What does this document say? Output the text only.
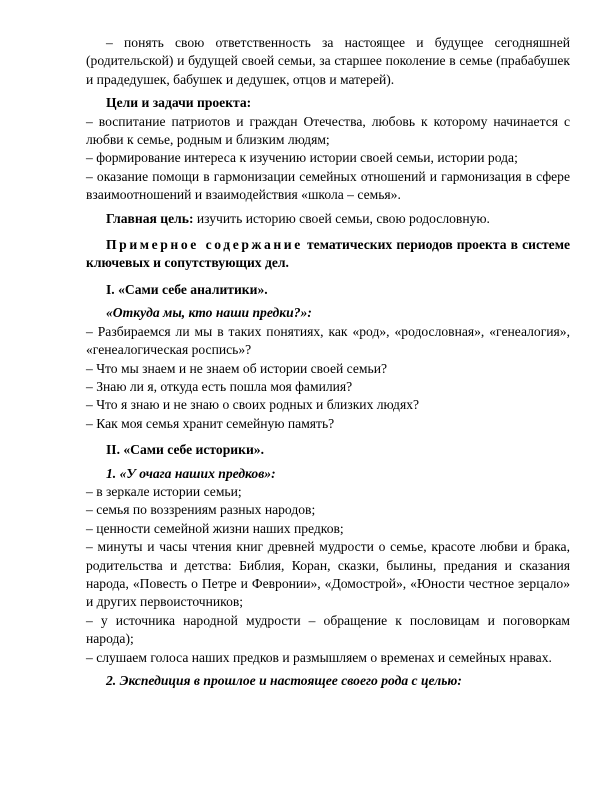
– понять свою ответственность за настоящее и будущее сегодняшней (родительской) и будущей своей семьи, за старшее поколение в семье (прабабушек и прадедушек, бабушек и дедушек, отцов и матерей).

Цели и задачи проекта:

– воспитание патриотов и граждан Отечества, любовь к которому начинается с любви к семье, родным и близким людям;

– формирование интереса к изучению истории своей семьи, истории рода;

– оказание помощи в гармонизации семейных отношений и гармонизация в сфере взаимоотношений и взаимодействия «школа – семья».

Главная цель: изучить историю своей семьи, свою родословную.

Примерное содержание тематических периодов проекта в системе ключевых и сопутствующих дел.

I. «Сами себе аналитики».

«Откуда мы, кто наши предки?»:

– Разбираемся ли мы в таких понятиях, как «род», «родословная», «генеалогия», «генеалогическая роспись»?

– Что мы знаем и не знаем об истории своей семьи?

– Знаю ли я, откуда есть пошла моя фамилия?

– Что я знаю и не знаю о своих родных и близких людях?

– Как моя семья хранит семейную память?

II. «Сами себе историки».

1. «У очага наших предков»:

– в зеркале истории семьи;

– семья по воззрениям разных народов;

– ценности семейной жизни наших предков;

– минуты и часы чтения книг древней мудрости о семье, красоте любви и брака, родительства и детства: Библия, Коран, сказки, былины, предания и сказания народа, «Повесть о Петре и Февронии», «Домострой», «Юности честное зерцало» и других первоисточников;

– у источника народной мудрости – обращение к пословицам и поговоркам народа);

– слушаем голоса наших предков и размышляем о временах и семейных нравах.

2. Экспедиция в прошлое и настоящее своего рода с целью:
